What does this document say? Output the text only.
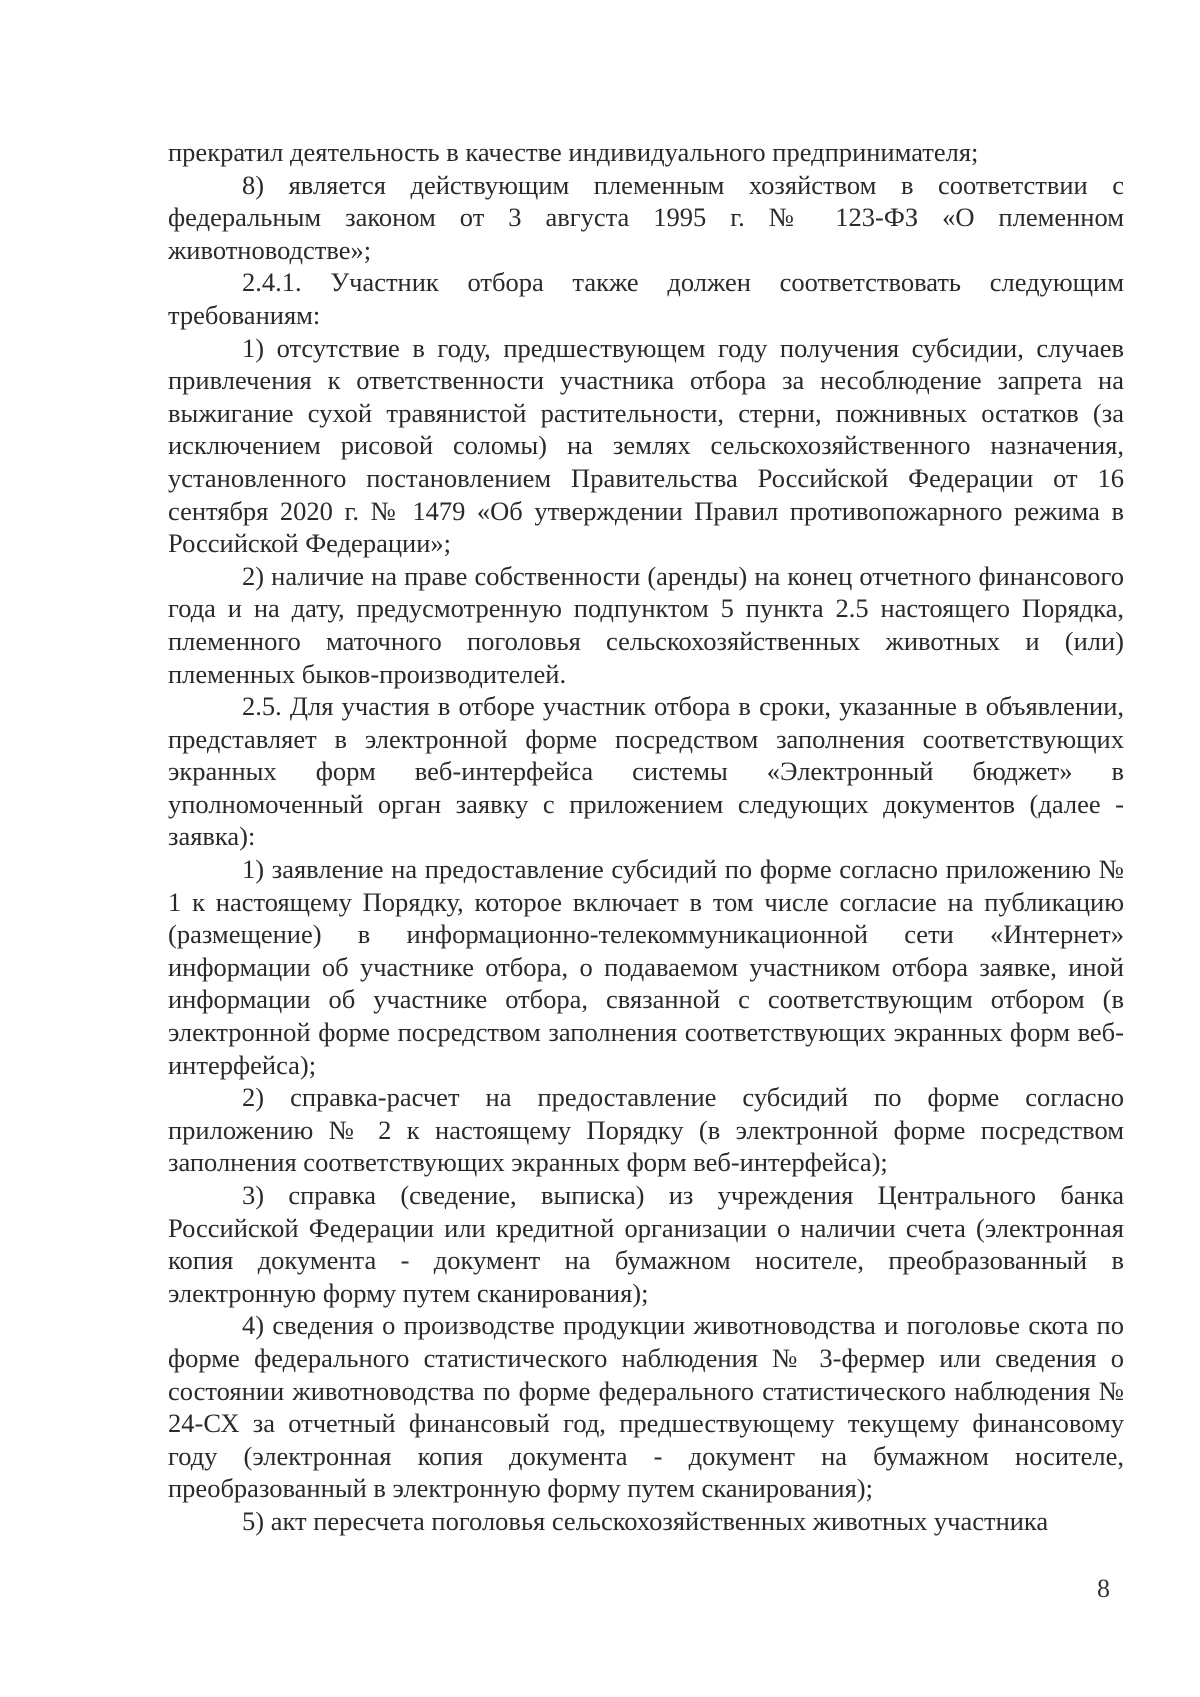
прекратил деятельность в качестве индивидуального предпринимателя;

8) является действующим племенным хозяйством в соответствии с федеральным законом от 3 августа 1995 г. № 123-ФЗ «О племенном животноводстве»;

2.4.1. Участник отбора также должен соответствовать следующим требованиям:

1) отсутствие в году, предшествующем году получения субсидии, случаев привлечения к ответственности участника отбора за несоблюдение запрета на выжигание сухой травянистой растительности, стерни, пожнивных остатков (за исключением рисовой соломы) на землях сельскохозяйственного назначения, установленного постановлением Правительства Российской Федерации от 16 сентября 2020 г. № 1479 «Об утверждении Правил противопожарного режима в Российской Федерации»;

2) наличие на праве собственности (аренды) на конец отчетного финансового года и на дату, предусмотренную подпунктом 5 пункта 2.5 настоящего Порядка, племенного маточного поголовья сельскохозяйственных животных и (или) племенных быков-производителей.

2.5. Для участия в отборе участник отбора в сроки, указанные в объявлении, представляет в электронной форме посредством заполнения соответствующих экранных форм веб-интерфейса системы «Электронный бюджет» в уполномоченный орган заявку с приложением следующих документов (далее - заявка):

1) заявление на предоставление субсидий по форме согласно приложению № 1 к настоящему Порядку, которое включает в том числе согласие на публикацию (размещение) в информационно-телекоммуникационной сети «Интернет» информации об участнике отбора, о подаваемом участником отбора заявке, иной информации об участнике отбора, связанной с соответствующим отбором (в электронной форме посредством заполнения соответствующих экранных форм веб-интерфейса);

2) справка-расчет на предоставление субсидий по форме согласно приложению № 2 к настоящему Порядку (в электронной форме посредством заполнения соответствующих экранных форм веб-интерфейса);

3) справка (сведение, выписка) из учреждения Центрального банка Российской Федерации или кредитной организации о наличии счета (электронная копия документа - документ на бумажном носителе, преобразованный в электронную форму путем сканирования);

4) сведения о производстве продукции животноводства и поголовье скота по форме федерального статистического наблюдения № 3-фермер или сведения о состоянии животноводства по форме федерального статистического наблюдения № 24-СХ за отчетный финансовый год, предшествующему текущему финансовому году (электронная копия документа - документ на бумажном носителе, преобразованный в электронную форму путем сканирования);

5) акт пересчета поголовья сельскохозяйственных животных участника

8
